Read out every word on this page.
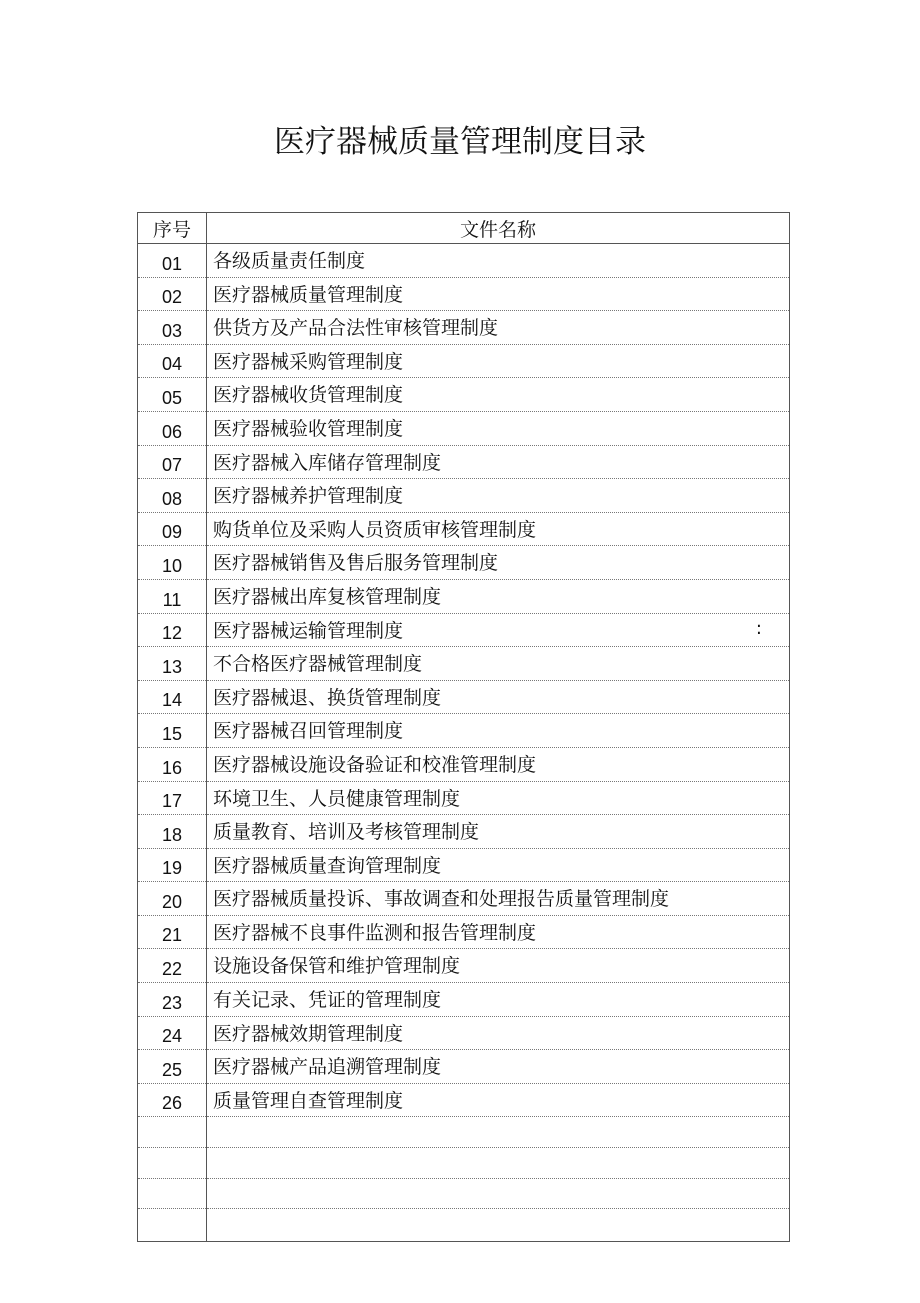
医疗器械质量管理制度目录
序号	文件名称
01	各级质量责任制度
02	医疗器械质量管理制度
03	供货方及产品合法性审核管理制度
04	医疗器械采购管理制度
05	医疗器械收货管理制度
06	医疗器械验收管理制度
07	医疗器械入库储存管理制度
08	医疗器械养护管理制度
09	购货单位及采购人员资质审核管理制度
10	医疗器械销售及售后服务管理制度
11	医疗器械出库复核管理制度
12	医疗器械运输管理制度 :

13	不合格医疗器械管理制度
14	医疗器械退、换货管理制度
15	医疗器械召回管理制度
16	医疗器械设施设备验证和校准管理制度
17	环境卫生、人员健康管理制度
18	质量教育、培训及考核管理制度
19	医疗器械质量查询管理制度
20	医疗器械质量投诉、事故调查和处理报告质量管理制度
21	医疗器械不良事件监测和报告管理制度
22	设施设备保管和维护管理制度
23	有关记录、凭证的管理制度
24	医疗器械效期管理制度
25	医疗器械产品追溯管理制度
26	质量管理自查管理制度
